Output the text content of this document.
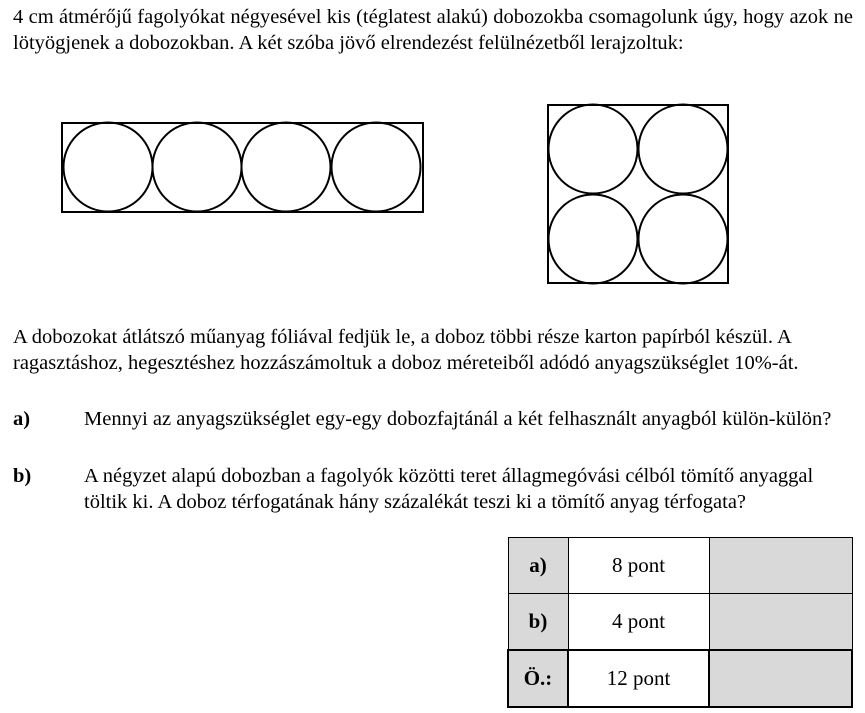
4 cm átmérőjű fagolyókat négyesével kis (téglatest alakú) dobozokba csomagolunk úgy, hogy azok ne lötyögjenek a dobozokban. A két szóba jövő elrendezést felülnézetből lerajzoltuk:
A dobozokat átlátszó műanyag fóliával fedjük le, a doboz többi része karton papírból készül. A ragasztáshoz, hegesztéshez hozzászámoltuk a doboz méreteiből adódó anyagszükséglet 10%-át.
a)	Mennyi az anyagszükséglet egy-egy dobozfajtánál a két felhasznált anyagból külön-külön?
b)	A négyzet alapú dobozban a fagolyók közötti teret állagmegóvási célból tömítő anyaggal töltik ki. A doboz térfogatának hány százalékát teszi ki a tömítő anyag térfogata?
a)	8 pont	
b)	4 pont	
Ö.:	12 pont	
